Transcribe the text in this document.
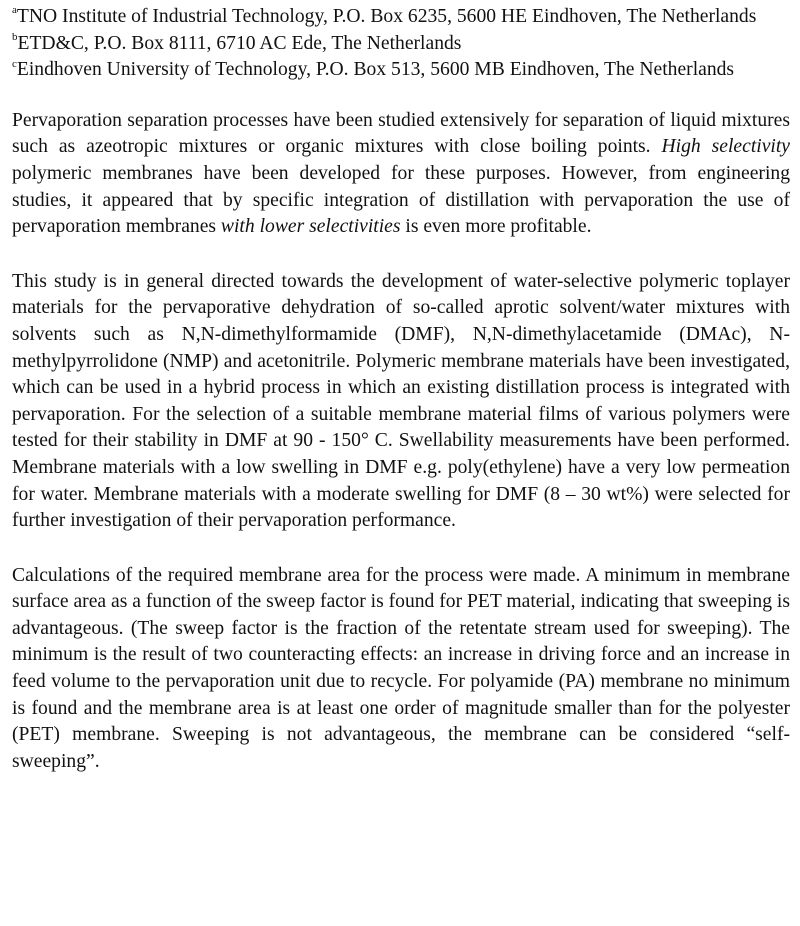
$^a$TNO Institute of Industrial Technology, P.O. Box 6235, 5600 HE Eindhoven, The Netherlands

$^b$ETD&C, P.O. Box 8111, 6710 AC Ede, The Netherlands

$^c$Eindhoven University of Technology, P.O. Box 513, 5600 MB Eindhoven, The Netherlands

Pervaporation separation processes have been studied extensively for separation of liquid mixtures such as azeotropic mixtures or organic mixtures with close boiling points. High selectivity polymeric membranes have been developed for these purposes. However, from engineering studies, it appeared that by specific integration of distillation with pervaporation the use of pervaporation membranes with lower selectivities is even more profitable.

This study is in general directed towards the development of water-selective polymeric toplayer materials for the pervaporative dehydration of so-called aprotic solvent/water mixtures with solvents such as N,N-dimethylformamide (DMF), N,N-dimethylacetamide (DMAc), N-methylpyrrolidone (NMP) and acetonitrile. Polymeric membrane materials have been investigated, which can be used in a hybrid process in which an existing distillation process is integrated with pervaporation. For the selection of a suitable membrane material films of various polymers were tested for their stability in DMF at 90 - 150° C. Swellability measurements have been performed. Membrane materials with a low swelling in DMF e.g. poly(ethylene) have a very low permeation for water. Membrane materials with a moderate swelling for DMF (8 – 30 wt%) were selected for further investigation of their pervaporation performance.

Calculations of the required membrane area for the process were made. A minimum in membrane surface area as a function of the sweep factor is found for PET material, indicating that sweeping is advantageous. (The sweep factor is the fraction of the retentate stream used for sweeping). The minimum is the result of two counteracting effects: an increase in driving force and an increase in feed volume to the pervaporation unit due to recycle. For polyamide (PA) membrane no minimum is found and the membrane area is at least one order of magnitude smaller than for the polyester (PET) membrane. Sweeping is not advantageous, the membrane can be considered “self-sweeping”.
